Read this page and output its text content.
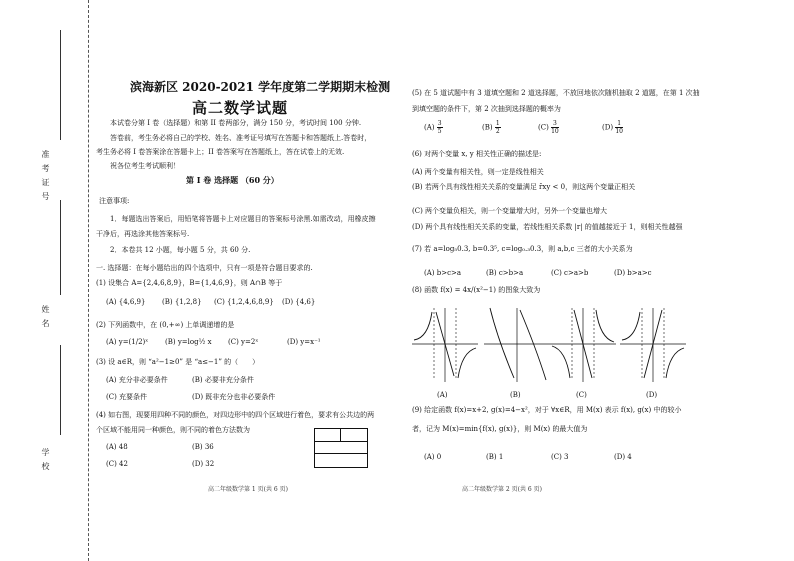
准考证号
姓名
学校
滨海新区 2020-2021 学年度第二学期期末检测
高二数学试题
本试卷分第 I 卷（选择题）和第 II 卷两部分，满分 150 分，考试时间 100 分钟.
答卷前，考生务必将自己的学校、姓名、准考证号填写在答题卡和答题纸上.答卷时，
考生务必将 I 卷答案涂在答题卡上；II 卷答案写在答题纸上，答在试卷上的无效.
祝各位考生考试顺利！
第 I 卷 选择题 （60 分）
注意事项:
1．每题选出答案后，用铅笔将答题卡上对应题目的答案标号涂黑.如需改动，用橡皮擦
干净后，再选涂其他答案标号.
2．本卷共 12 小题，每小题 5 分，共 60 分.
一. 选择题：在每小题给出的四个选项中，只有一项是符合题目要求的.
(1) 设集合 A={2,4,6,8,9}，B={1,4,6,9}，则 A∩B 等于
(A) {4,6,9} (B) {1,2,8} (C) {1,2,4,6,8,9} (D) {4,6}
(2) 下列函数中，在 (0,+∞) 上单调递增的是
(A) y=(1/2)ˣ (B) y=log½ x (C) y=2ˣ	(D) y=x⁻¹
(3) 设 a∈R，则 “a²−1≥0” 是 “a≤−1” 的（　　）
(A) 充分非必要条件	(B) 必要非充分条件
(C) 充要条件	(D) 既非充分也非必要条件
(4) 如右图，现要用四种不同的颜色，对四边形中的四个区域进行着色，要求有公共边的两
个区域不能用同一种颜色，则不同的着色方法数为
(A) 48	(B) 36
(C) 42	(D) 32
高二年级数学第 1 页(共 6 页)
(5) 在 5 道试题中有 3 道填空题和 2 道选择题，不放回地依次随机抽取 2 道题，在第 1 次抽
到填空题的条件下，第 2 次抽到选择题的概率为
$(A) \frac{3}{5}$	$(B) \frac{1}{2}$	$(C) \frac{3}{10}$	$(D) \frac{1}{10}$
(6) 对两个变量 x, y 相关性正确的描述是:
(A) 两个变量有相关性，则一定是线性相关
(B) 若两个具有线性相关关系的变量满足 ȓxy < 0，则这两个变量正相关
(C) 两个变量负相关，则一个变量增大时，另外一个变量也增大
(D) 两个具有线性相关关系的变量，若线性相关系数 |r| 的值越接近于 1，则相关性越强
(7) 若 a=log₅0.3, b=0.3⁵, c=log₀.₃0.3，则 a,b,c 三者的大小关系为
(A) b>c>a	(B) c>b>a	(C) c>a>b	(D) b>a>c
(8) 函数 f(x) = 4x/(x²−1) 的图象大致为
(A)	(B)	(C)	(D)
(9) 给定函数 f(x)=x+2, g(x)=4−x²，对于 ∀x∈R，用 M(x) 表示 f(x), g(x) 中的较小
者，记为 M(x)=min{f(x), g(x)}，则 M(x) 的最大值为
(A) 0	(B) 1	(C) 3	(D) 4
高二年级数学第 2 页(共 6 页)
